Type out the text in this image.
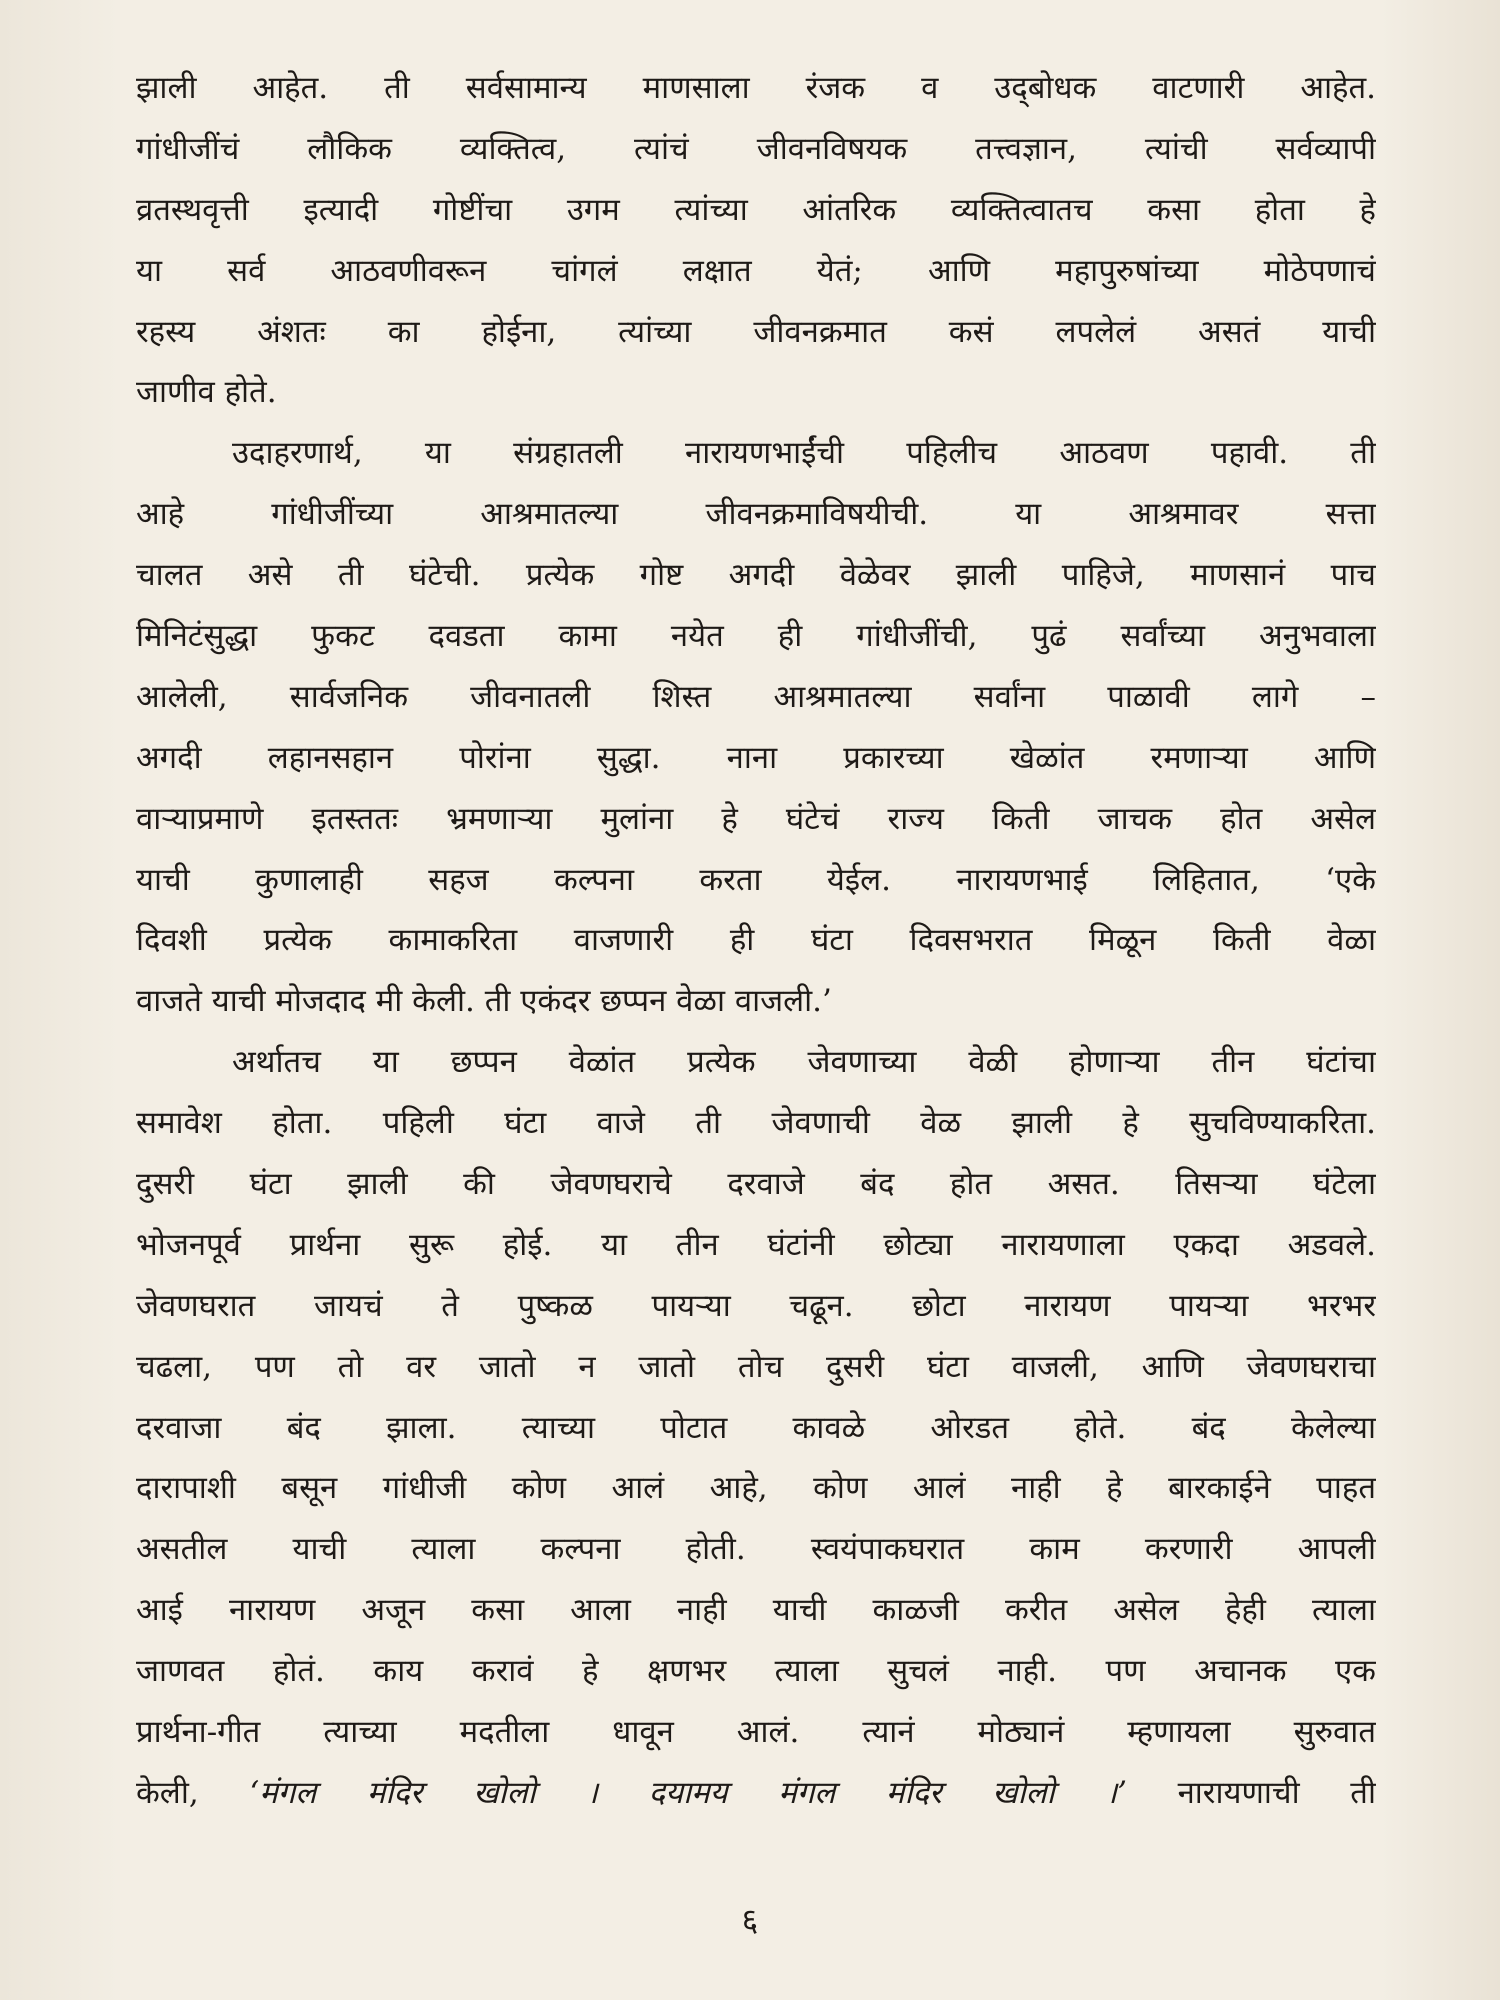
झाली आहेत. ती सर्वसामान्य माणसाला रंजक व उद्‌बोधक वाटणारी आहेत.
गांधीजींचं लौकिक व्यक्तित्व, त्यांचं जीवनविषयक तत्त्वज्ञान, त्यांची सर्वव्यापी
व्रतस्थवृत्ती इत्यादी गोष्टींचा उगम त्यांच्या आंतरिक व्यक्तित्वातच कसा होता हे
या सर्व आठवणीवरून चांगलं लक्षात येतं; आणि महापुरुषांच्या मोठेपणाचं
रहस्य अंशतः का होईना, त्यांच्या जीवनक्रमात कसं लपलेलं असतं याची
जाणीव होते.
उदाहरणार्थ, या संग्रहातली नारायणभाईंची पहिलीच आठवण पहावी. ती
आहे गांधीजींच्या आश्रमातल्या जीवनक्रमाविषयीची. या आश्रमावर सत्ता
चालत असे ती घंटेची. प्रत्येक गोष्ट अगदी वेळेवर झाली पाहिजे, माणसानं पाच
मिनिटंसुद्धा फुकट दवडता कामा नयेत ही गांधीजींची, पुढं सर्वांच्या अनुभवाला
आलेली, सार्वजनिक जीवनातली शिस्त आश्रमातल्या सर्वांना पाळावी लागे –
अगदी लहानसहान पोरांना सुद्धा. नाना प्रकारच्या खेळांत रमणाऱ्या आणि
वाऱ्याप्रमाणे इतस्ततः भ्रमणाऱ्या मुलांना हे घंटेचं राज्य किती जाचक होत असेल
याची कुणालाही सहज कल्पना करता येईल. नारायणभाई लिहितात, ‘एके
दिवशी प्रत्येक कामाकरिता वाजणारी ही घंटा दिवसभरात मिळून किती वेळा
वाजते याची मोजदाद मी केली. ती एकंदर छप्पन वेळा वाजली.’
अर्थातच या छप्पन वेळांत प्रत्येक जेवणाच्या वेळी होणाऱ्या तीन घंटांचा
समावेश होता. पहिली घंटा वाजे ती जेवणाची वेळ झाली हे सुचविण्याकरिता.
दुसरी घंटा झाली की जेवणघराचे दरवाजे बंद होत असत. तिसऱ्या घंटेला
भोजनपूर्व प्रार्थना सुरू होई. या तीन घंटांनी छोट्या नारायणाला एकदा अडवले.
जेवणघरात जायचं ते पुष्कळ पायऱ्या चढून. छोटा नारायण पायऱ्या भरभर
चढला, पण तो वर जातो न जातो तोच दुसरी घंटा वाजली, आणि जेवणघराचा
दरवाजा बंद झाला. त्याच्या पोटात कावळे ओरडत होते. बंद केलेल्या
दारापाशी बसून गांधीजी कोण आलं आहे, कोण आलं नाही हे बारकाईने पाहत
असतील याची त्याला कल्पना होती. स्वयंपाकघरात काम करणारी आपली
आई नारायण अजून कसा आला नाही याची काळजी करीत असेल हेही त्याला
जाणवत होतं. काय करावं हे क्षणभर त्याला सुचलं नाही. पण अचानक एक
प्रार्थना-गीत त्याच्या मदतीला धावून आलं. त्यानं मोठ्यानं म्हणायला सुरुवात
केली, ‘मंगल मंदिर खोलो । दयामय मंगल मंदिर खोलो ।’ नारायणाची ती
६
